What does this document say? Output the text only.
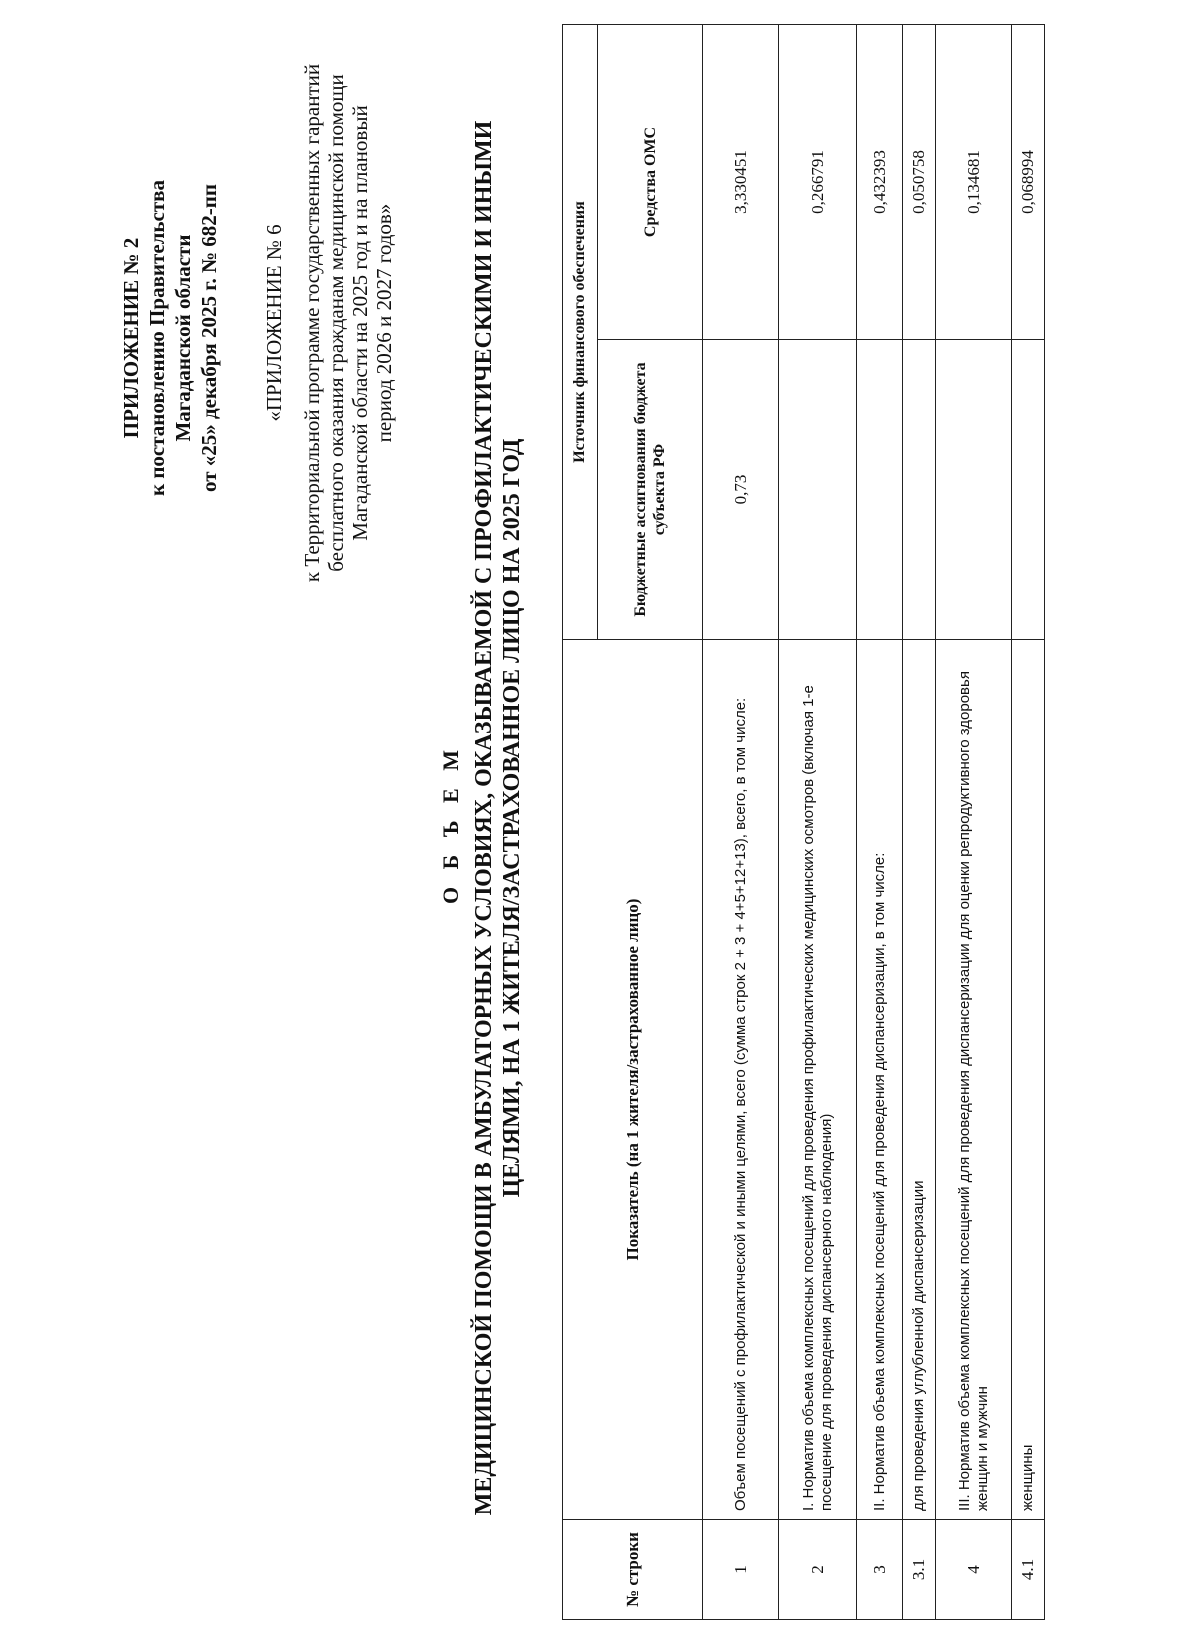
ПРИЛОЖЕНИЕ № 2 к постановлению Правительства Магаданской области от «25» декабря 2025 г. № 682-пп «ПРИЛОЖЕНИЕ № 6 к Территориальной программе государственных гарантий бесплатного оказания гражданам медицинской помощи Магаданской области на 2025 год и на плановый период 2026 и 2027 годов»
О Б Ъ Е М МЕДИЦИНСКОЙ ПОМОЩИ В АМБУЛАТОРНЫХ УСЛОВИЯХ, ОКАЗЫВАЕМОЙ С ПРОФИЛАКТИЧЕСКИМИ И ИНЫМИ ЦЕЛЯМИ, НА 1 ЖИТЕЛЯ/ЗАСТРАХОВАННОЕ ЛИЦО НА 2025 ГОД
№ строки	Показатель (на 1 жителя/застрахованное лицо)	Источник финансового обеспечения	
		Бюджетные ассигнования бюджета субъекта РФ	Средства ОМС
1	Объем посещений с профилактической и иными целями, всего (сумма строк 2 + 3 + 4+5+12+13), всего, в том числе:	0,73	3,330451
2	I. Норматив объема комплексных посещений для проведения профилактических медицинских осмотров (включая 1-е посещение для проведения диспансерного наблюдения)		0,266791
3	II. Норматив объема комплексных посещений для проведения диспансеризации, в том числе:		0,432393
3.1	для проведения углубленной диспансеризации		0,050758
4	III. Норматив объема комплексных посещений для проведения диспансеризации для оценки репродуктивного здоровья женщин и мужчин		0,134681
4.1	женщины		0,068994
